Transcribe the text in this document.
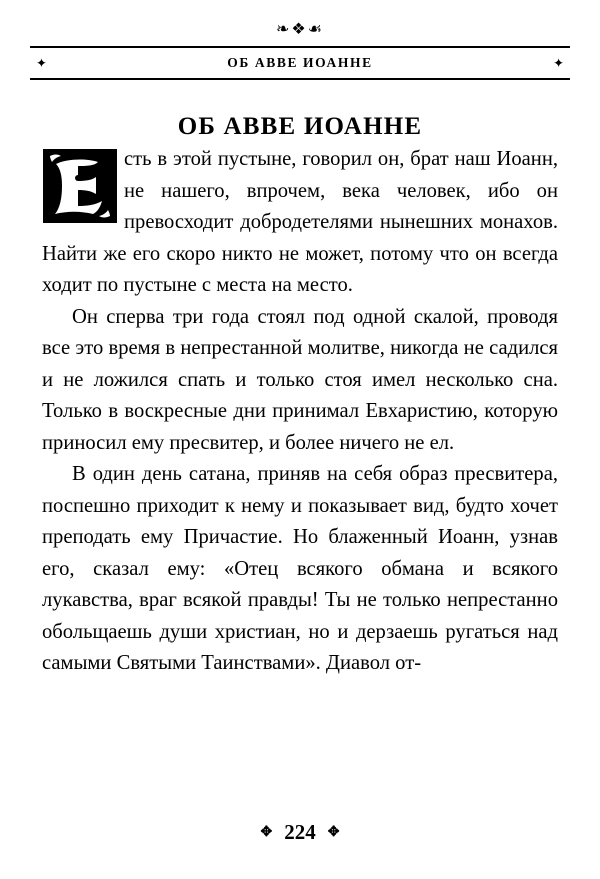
❧❖☙
✦	ОБ АВВЕ ИОАННЕ	✦
ОБ АВВЕ ИОАННЕ

сть в этой пустыне, говорил он, брат наш Иоанн, не нашего, впрочем, века человек, ибо он превосходит добродетелями нынешних монахов. Найти же его скоро никто не может, потому что он всегда ходит по пустыне с места на место.

Он сперва три года стоял под одной скалой, проводя все это время в непрестанной молитве, никогда не садился и не ложился спать и только стоя имел несколько сна. Только в воскресные дни принимал Евхаристию, которую приносил ему пресвитер, и более ничего не ел.

В один день сатана, приняв на себя образ пресвитера, поспешно приходит к нему и показывает вид, будто хочет преподать ему Причастие. Но блаженный Иоанн, узнав его, сказал ему: «Отец всякого обмана и всякого лукавства, враг всякой правды! Ты не только непрестанно обольщаешь души христиан, но и дерзаешь ругаться над самыми Святыми Таинствами». Диавол от-

✥ 224 ✥
